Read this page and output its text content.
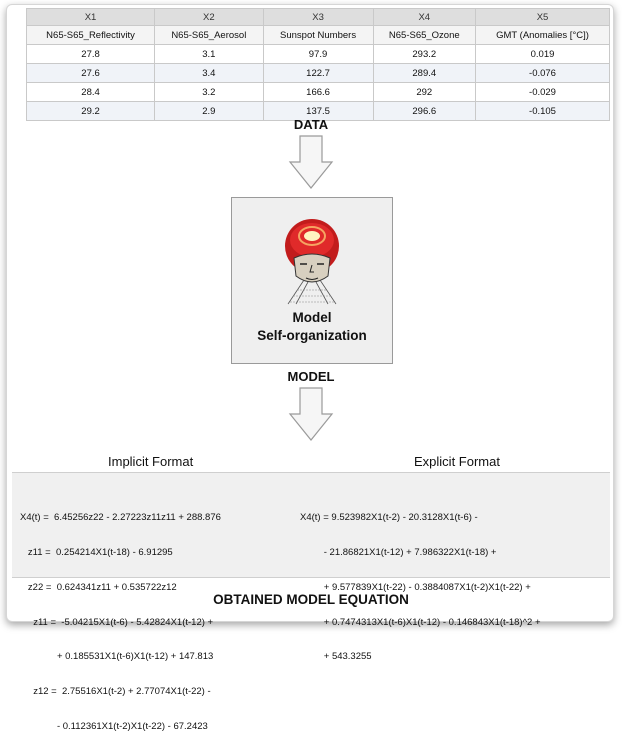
X1	X2	X3	X4	X5
N65-S65_Reflectivity	N65-S65_Aerosol	Sunspot Numbers	N65-S65_Ozone	GMT (Anomalies [°C])
27.8	3.1	97.9	293.2	0.019
27.6	3.4	122.7	289.4	-0.076
28.4	3.2	166.6	292	-0.029
29.2	2.9	137.5	296.6	-0.105
DATA
Model
Self-organization
MODEL
Implicit Format	Explicit Format

X4(t) =  6.45256z22 - 2.27223z11z11 + 288.876

z11 =  0.254214X1(t-18) - 6.91295

z22 =  0.624341z11 + 0.535722z12

z11 =  -5.04215X1(t-6) - 5.42824X1(t-12) +

+ 0.185531X1(t-6)X1(t-12) + 147.813

z12 =  2.75516X1(t-2) + 2.77074X1(t-22) -

- 0.112361X1(t-2)X1(t-22) - 67.2423

X4(t) = 9.523982X1(t-2) - 20.3128X1(t-6) -

- 21.86821X1(t-12) + 7.986322X1(t-18) +

+ 9.577839X1(t-22) - 0.3884087X1(t-2)X1(t-22) +

+ 0.7474313X1(t-6)X1(t-12) - 0.146843X1(t-18)^2 +

+ 543.3255

OBTAINED MODEL EQUATION
